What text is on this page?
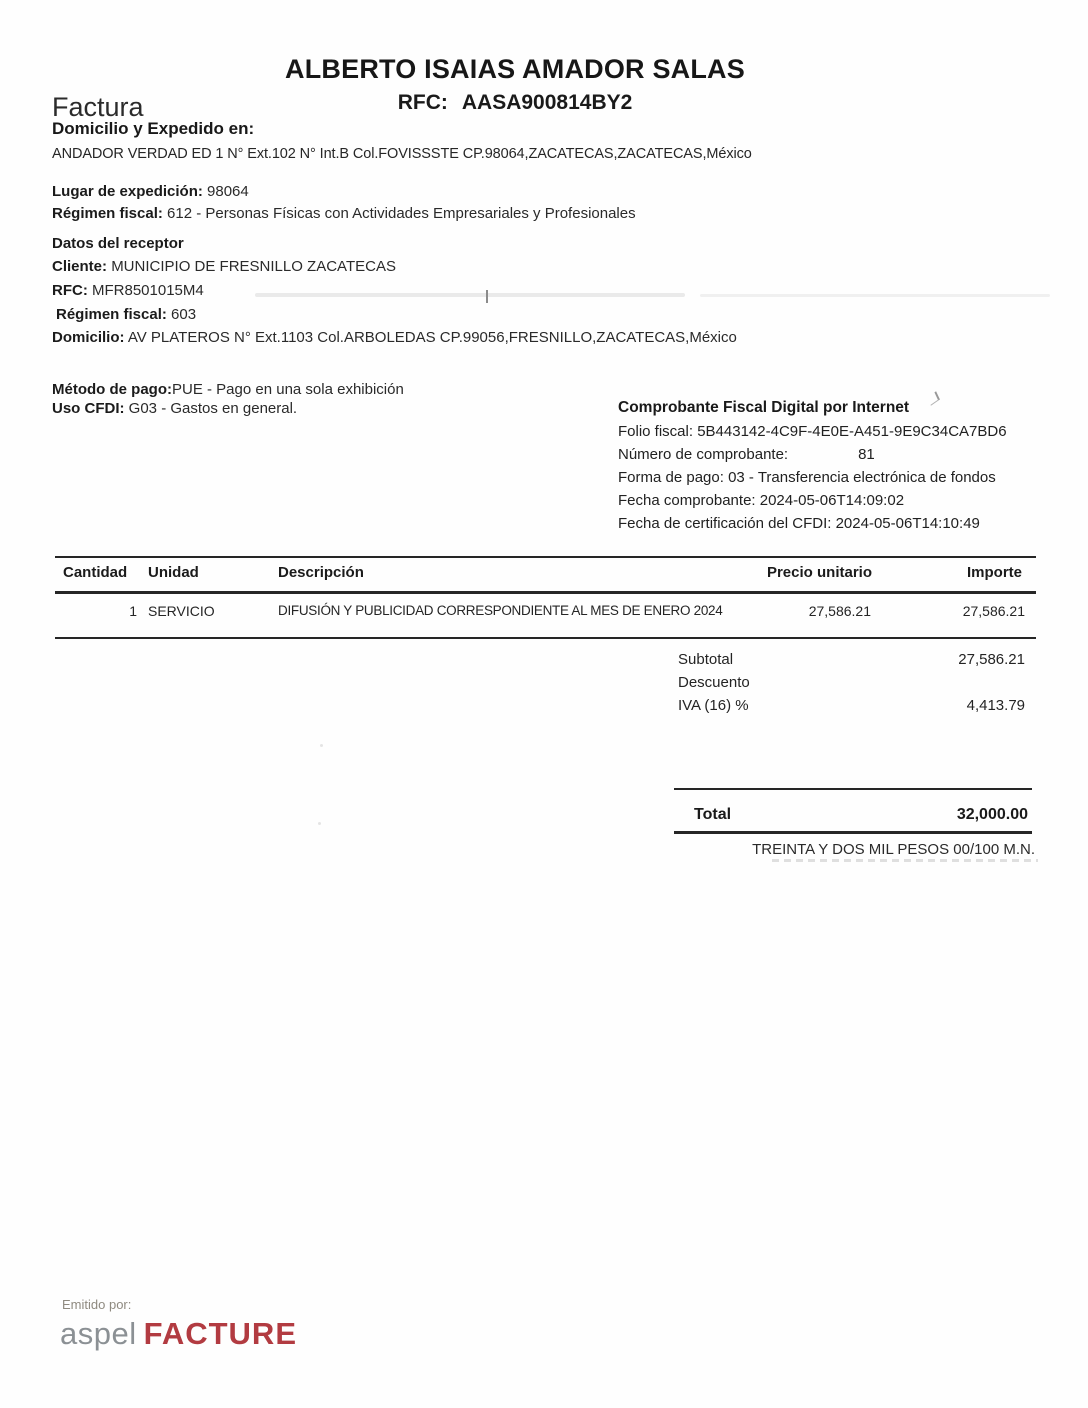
ALBERTO ISAIAS AMADOR SALAS
RFC: AASA900814BY2
Factura
Domicilio y Expedido en:
ANDADOR VERDAD ED 1 N° Ext.102 N° Int.B Col.FOVISSSTE CP.98064,ZACATECAS,ZACATECAS,México
Lugar de expedición: 98064
Régimen fiscal: 612 - Personas Físicas con Actividades Empresariales y Profesionales
Datos del receptor
Cliente: MUNICIPIO DE FRESNILLO ZACATECAS
RFC: MFR8501015M4
Régimen fiscal: 603
Domicilio: AV PLATEROS N° Ext.1103 Col.ARBOLEDAS CP.99056,FRESNILLO,ZACATECAS,México
Método de pago:PUE - Pago en una sola exhibición
Uso CFDI: G03 - Gastos en general.	Comprobante Fiscal Digital por Internet
Folio fiscal: 5B443142-4C9F-4E0E-A451-9E9C34CA7BD6
Número de comprobante:	81
Forma de pago: 03 - Transferencia electrónica de fondos
Fecha comprobante: 2024-05-06T14:09:02
Fecha de certificación del CFDI: 2024-05-06T14:10:49
Cantidad Unidad	Descripción	Precio unitario	Importe
1 SERVICIO	DIFUSIÓN Y PUBLICIDAD CORRESPONDIENTE AL MES DE ENERO 2024	27,586.21	27,586.21
Subtotal	27,586.21
Descuento
IVA (16) %	4,413.79
Total	32,000.00
TREINTA Y DOS MIL PESOS 00/100 M.N.
Emitido por:
aspel FACTURE
